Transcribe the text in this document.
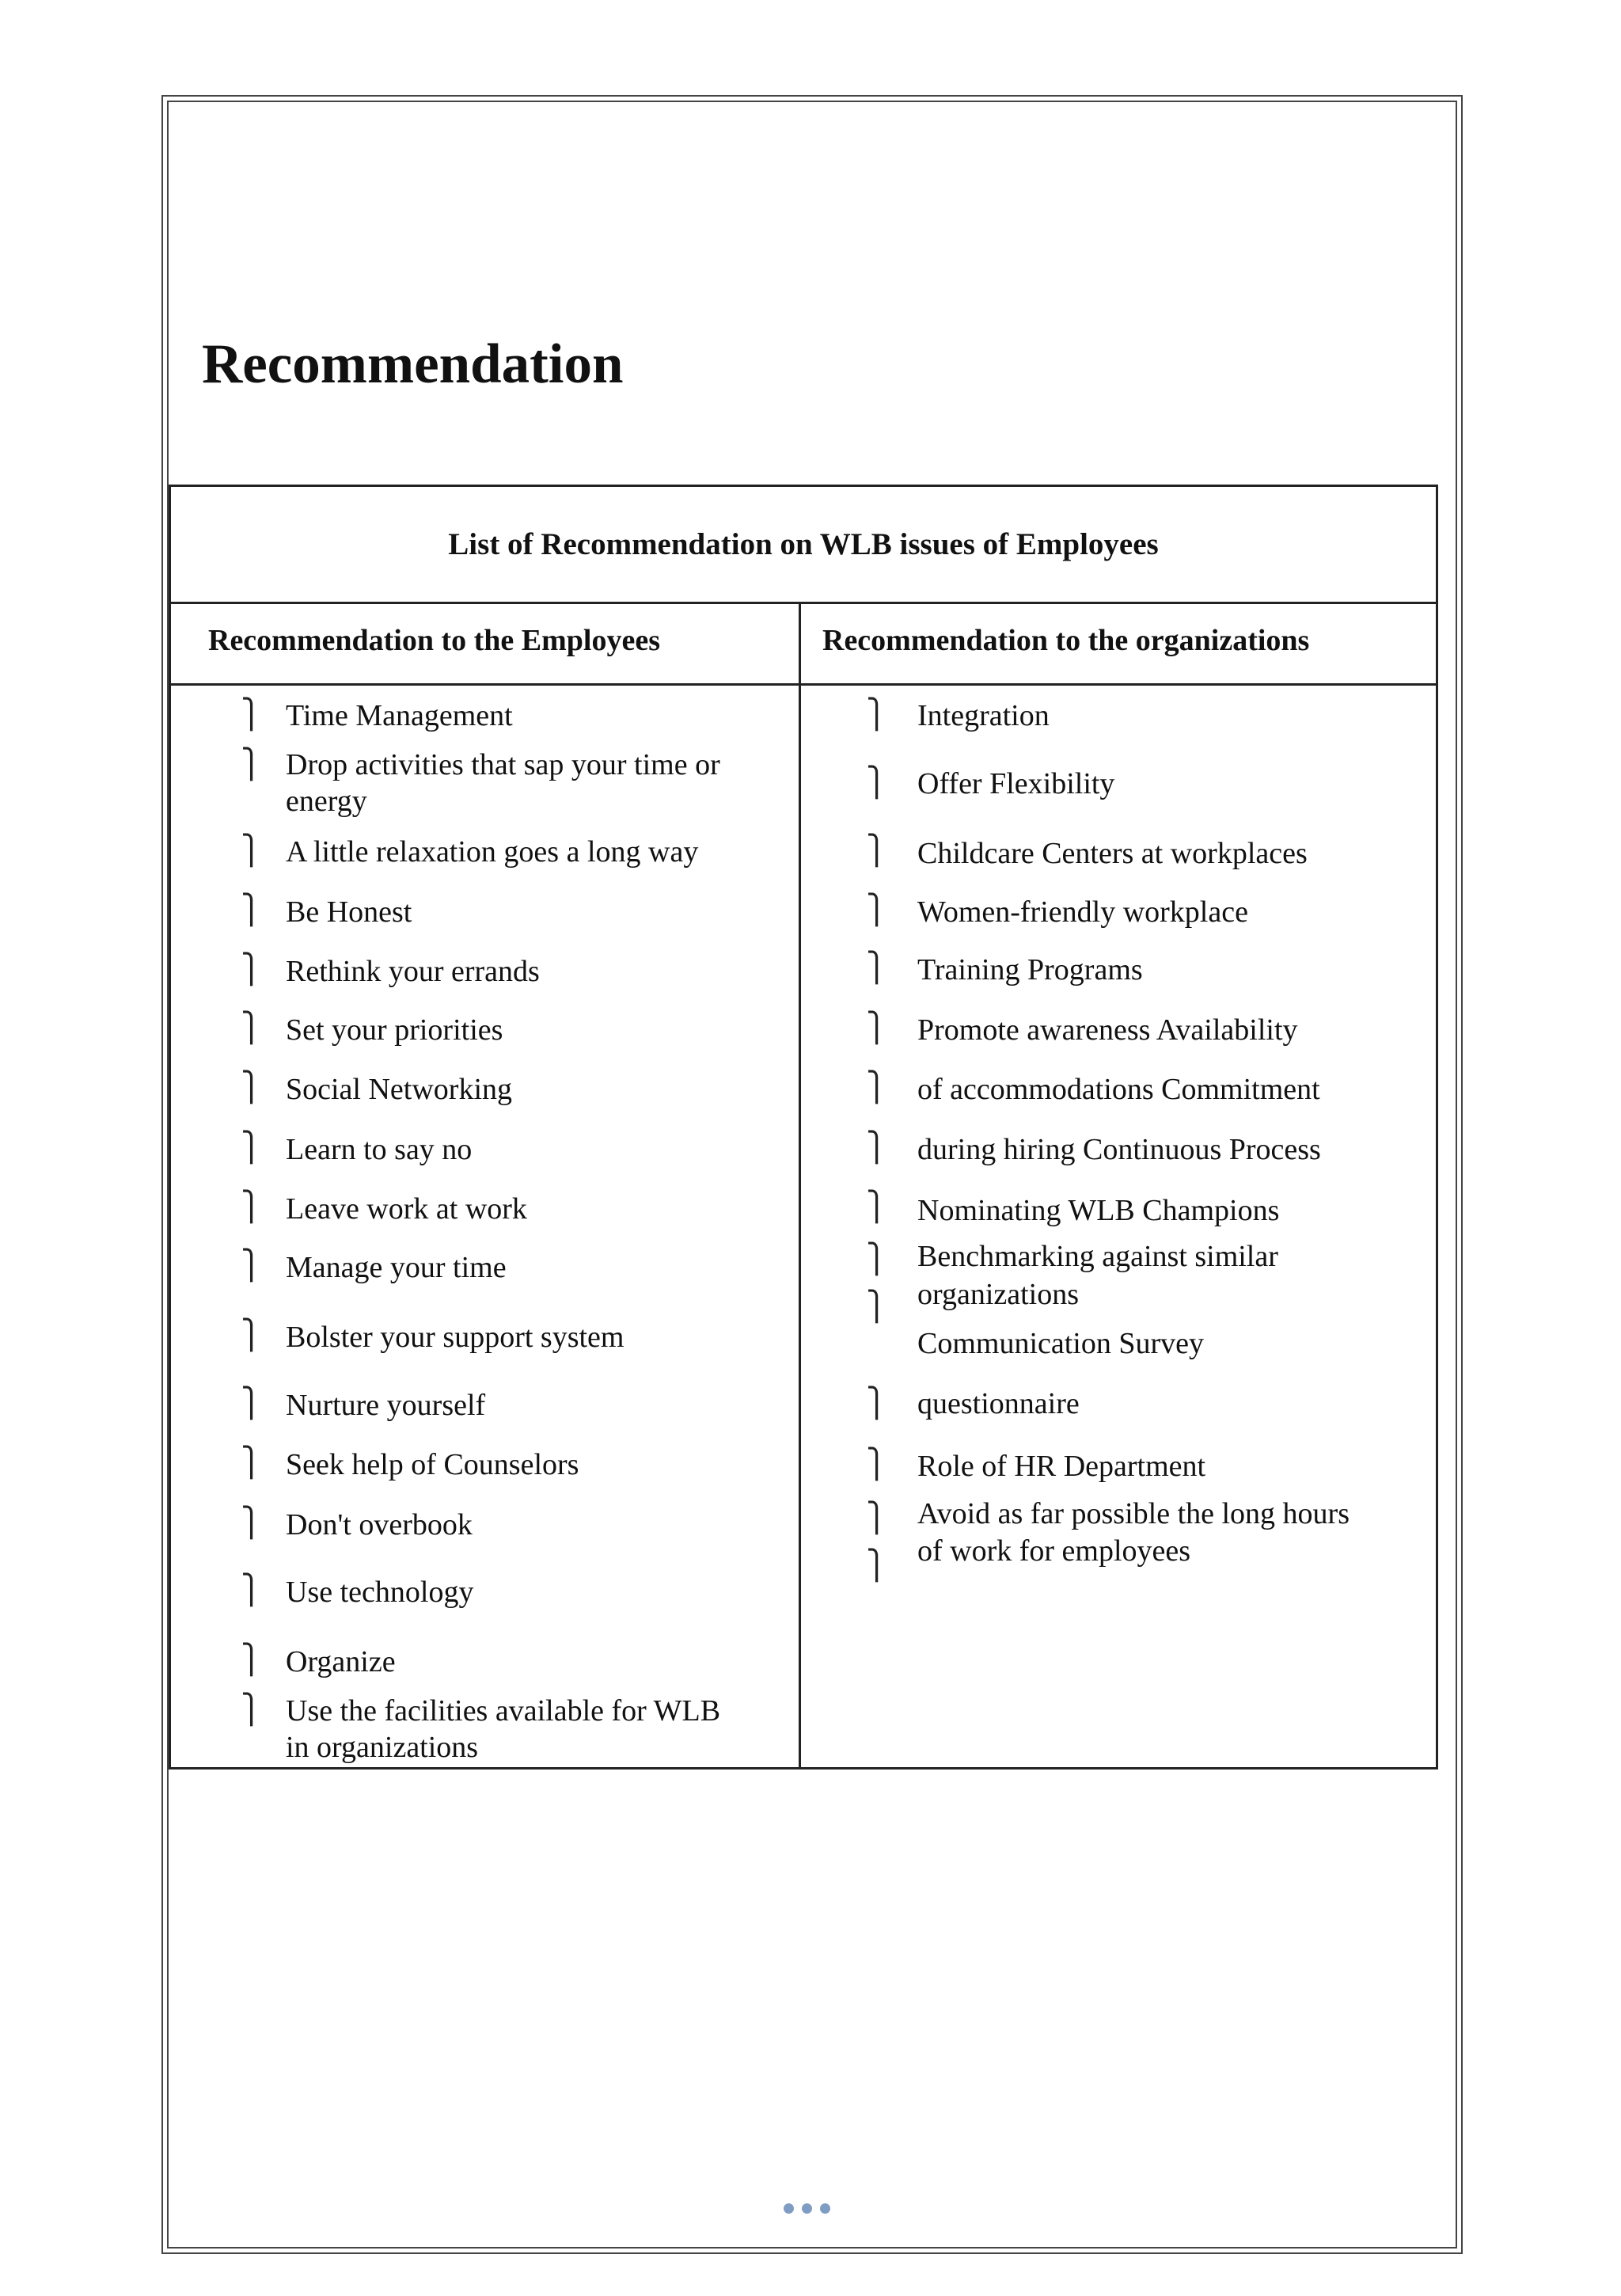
Recommendation
List of Recommendation on WLB issues of Employees
Recommendation to the Employees	Recommendation to the organizations
⎫ Time Management
⎫ Drop activities that sap your time or
energy
⎫ A little relaxation goes a long way
⎫ Be Honest
⎫ Rethink your errands
⎫ Set your priorities
⎫ Social Networking
⎫ Learn to say no
⎫ Leave work at work
⎫ Manage your time
⎫ Bolster your support system
⎫ Nurture yourself
⎫ Seek help of Counselors
⎫ Don't overbook
⎫ Use technology
⎫ Organize
⎫ Use the facilities available for WLB
in organizations
⎫ Integration
⎫ Offer Flexibility
⎫ Childcare Centers at workplaces
⎫ Women-friendly workplace
⎫ Training Programs
⎫ Promote awareness Availability
⎫ of accommodations Commitment
⎫ during hiring Continuous Process
⎫ Nominating WLB Champions
⎫ Benchmarking against similar
organizations
⎫
Communication Survey
⎫ questionnaire
⎫ Role of HR Department
⎫ Avoid as far possible the long hours
of work for employees
⎫
